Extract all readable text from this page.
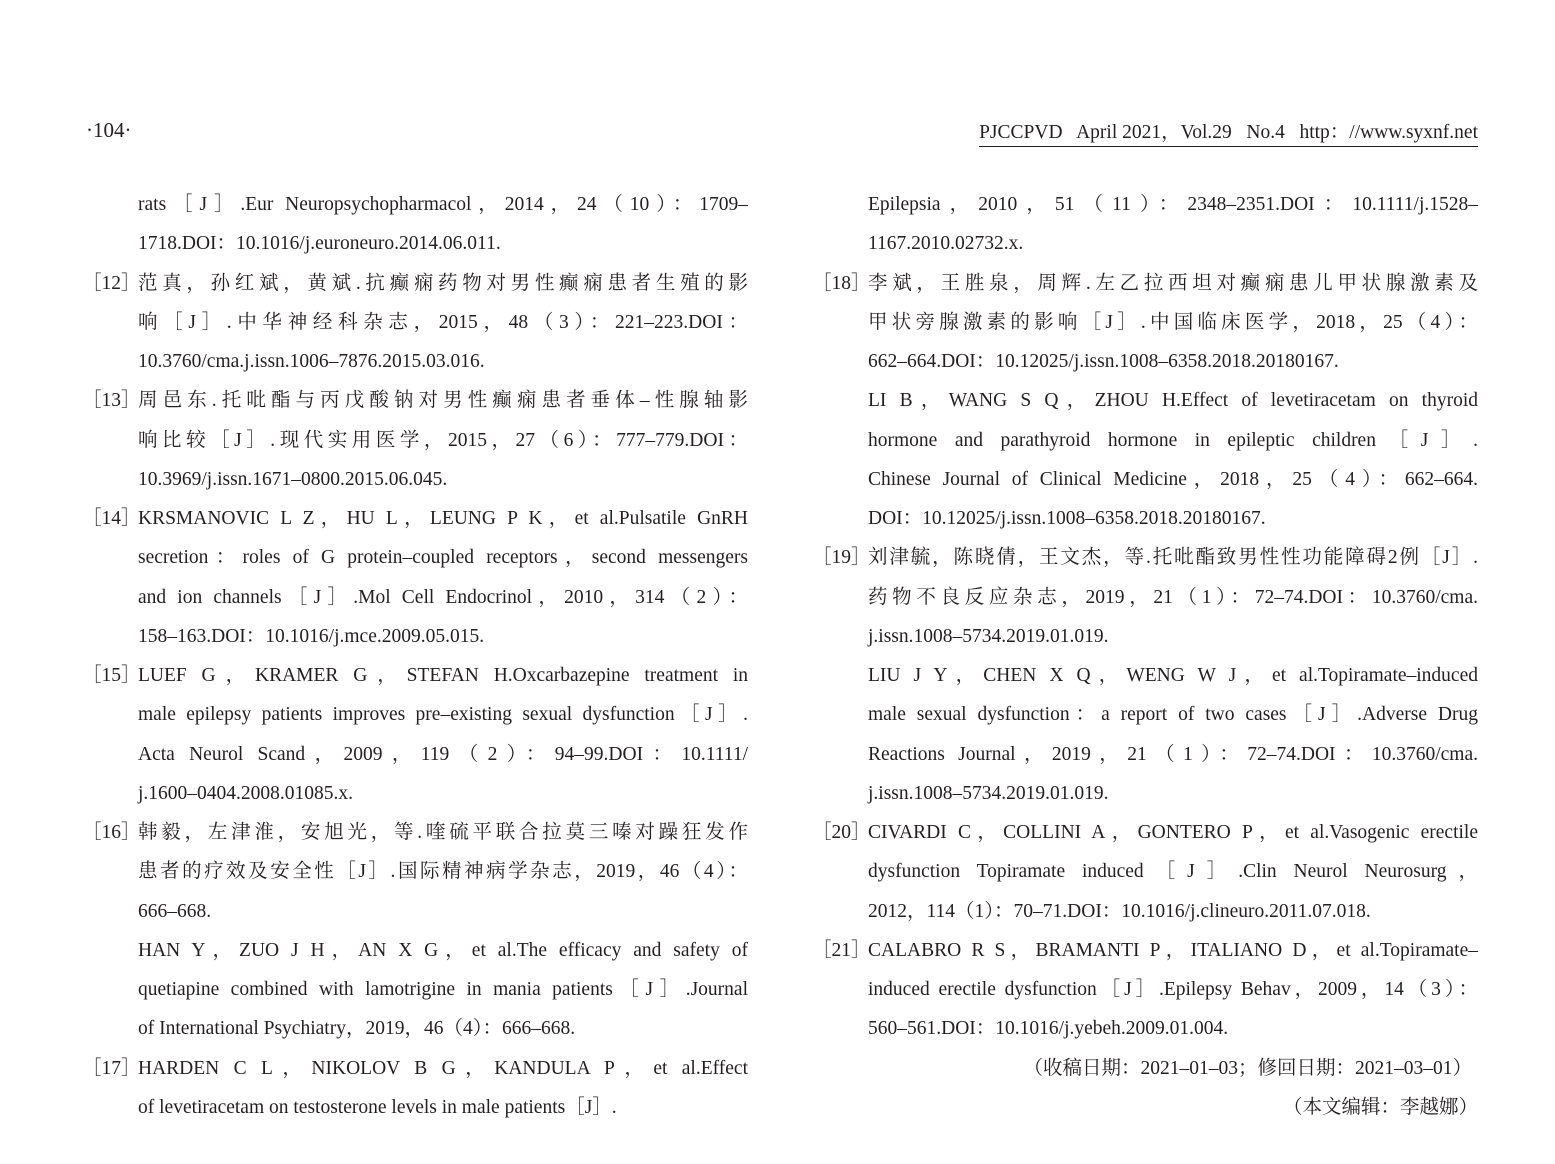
·104·	PJCCPVD   April 2021，Vol.29   No.4   http：//www.syxnf.net
rats［J］.Eur Neuropsychopharmacol，2014，24（10）：1709–
1718.DOI：10.1016/j.euroneuro.2014.06.011.
［12］
范真，孙红斌，黄斌.抗癫痫药物对男性癫痫患者生殖的影
响［J］.中华神经科杂志，2015，48（3）：221–223.DOI：
10.3760/cma.j.issn.1006–7876.2015.03.016.
［13］
周邑东.托吡酯与丙戊酸钠对男性癫痫患者垂体–性腺轴影
响比较［J］.现代实用医学，2015，27（6）：777–779.DOI：
10.3969/j.issn.1671–0800.2015.06.045.
［14］
KRSMANOVIC L Z，HU L，LEUNG P K，et al.Pulsatile GnRH
secretion：roles of G protein–coupled receptors，second messengers
and ion channels［J］.Mol Cell Endocrinol，2010，314（2）：
158–163.DOI：10.1016/j.mce.2009.05.015.
［15］
LUEF G，KRAMER G，STEFAN H.Oxcarbazepine treatment in
male epilepsy patients improves pre–existing sexual dysfunction［J］.
Acta Neurol Scand，2009，119（2）：94–99.DOI：10.1111/
j.1600–0404.2008.01085.x.
［16］
韩毅，左津淮，安旭光，等.喹硫平联合拉莫三嗪对躁狂发作
患者的疗效及安全性［J］.国际精神病学杂志，2019，46（4）：
666–668.
HAN Y，ZUO J H，AN X G，et al.The efficacy and safety of
quetiapine combined with lamotrigine in mania patients［J］.Journal
of International Psychiatry，2019，46（4）：666–668.
［17］
HARDEN C L，NIKOLOV B G，KANDULA P，et al.Effect
of levetiracetam on testosterone levels in male patients［J］.
Epilepsia，2010，51（11）：2348–2351.DOI：10.1111/j.1528–
1167.2010.02732.x.
［18］
李斌，王胜泉，周辉.左乙拉西坦对癫痫患儿甲状腺激素及
甲状旁腺激素的影响［J］.中国临床医学，2018，25（4）：
662–664.DOI：10.12025/j.issn.1008–6358.2018.20180167.
LI B，WANG S Q，ZHOU H.Effect of levetiracetam on thyroid
hormone and parathyroid hormone in epileptic children［J］.
Chinese Journal of Clinical Medicine，2018，25（4）：662–664.
DOI：10.12025/j.issn.1008–6358.2018.20180167.
［19］
刘津毓，陈晓倩，王文杰，等.托吡酯致男性性功能障碍2例［J］.
药物不良反应杂志，2019，21（1）：72–74.DOI：10.3760/cma.
j.issn.1008–5734.2019.01.019.
LIU J Y，CHEN X Q，WENG W J，et al.Topiramate–induced
male sexual dysfunction：a report of two cases［J］.Adverse Drug
Reactions Journal，2019，21（1）：72–74.DOI：10.3760/cma.
j.issn.1008–5734.2019.01.019.
［20］
CIVARDI C，COLLINI A，GONTERO P，et al.Vasogenic erectile
dysfunction Topiramate induced［J］.Clin Neurol Neurosurg，
2012，114（1）：70–71.DOI：10.1016/j.clineuro.2011.07.018.
［21］
CALABRO R S，BRAMANTI P，ITALIANO D，et al.Topiramate–
induced erectile dysfunction［J］.Epilepsy Behav，2009，14（3）：
560–561.DOI：10.1016/j.yebeh.2009.01.004.
（收稿日期：2021–01–03；修回日期：2021–03–01）
（本文编辑：李越娜）
